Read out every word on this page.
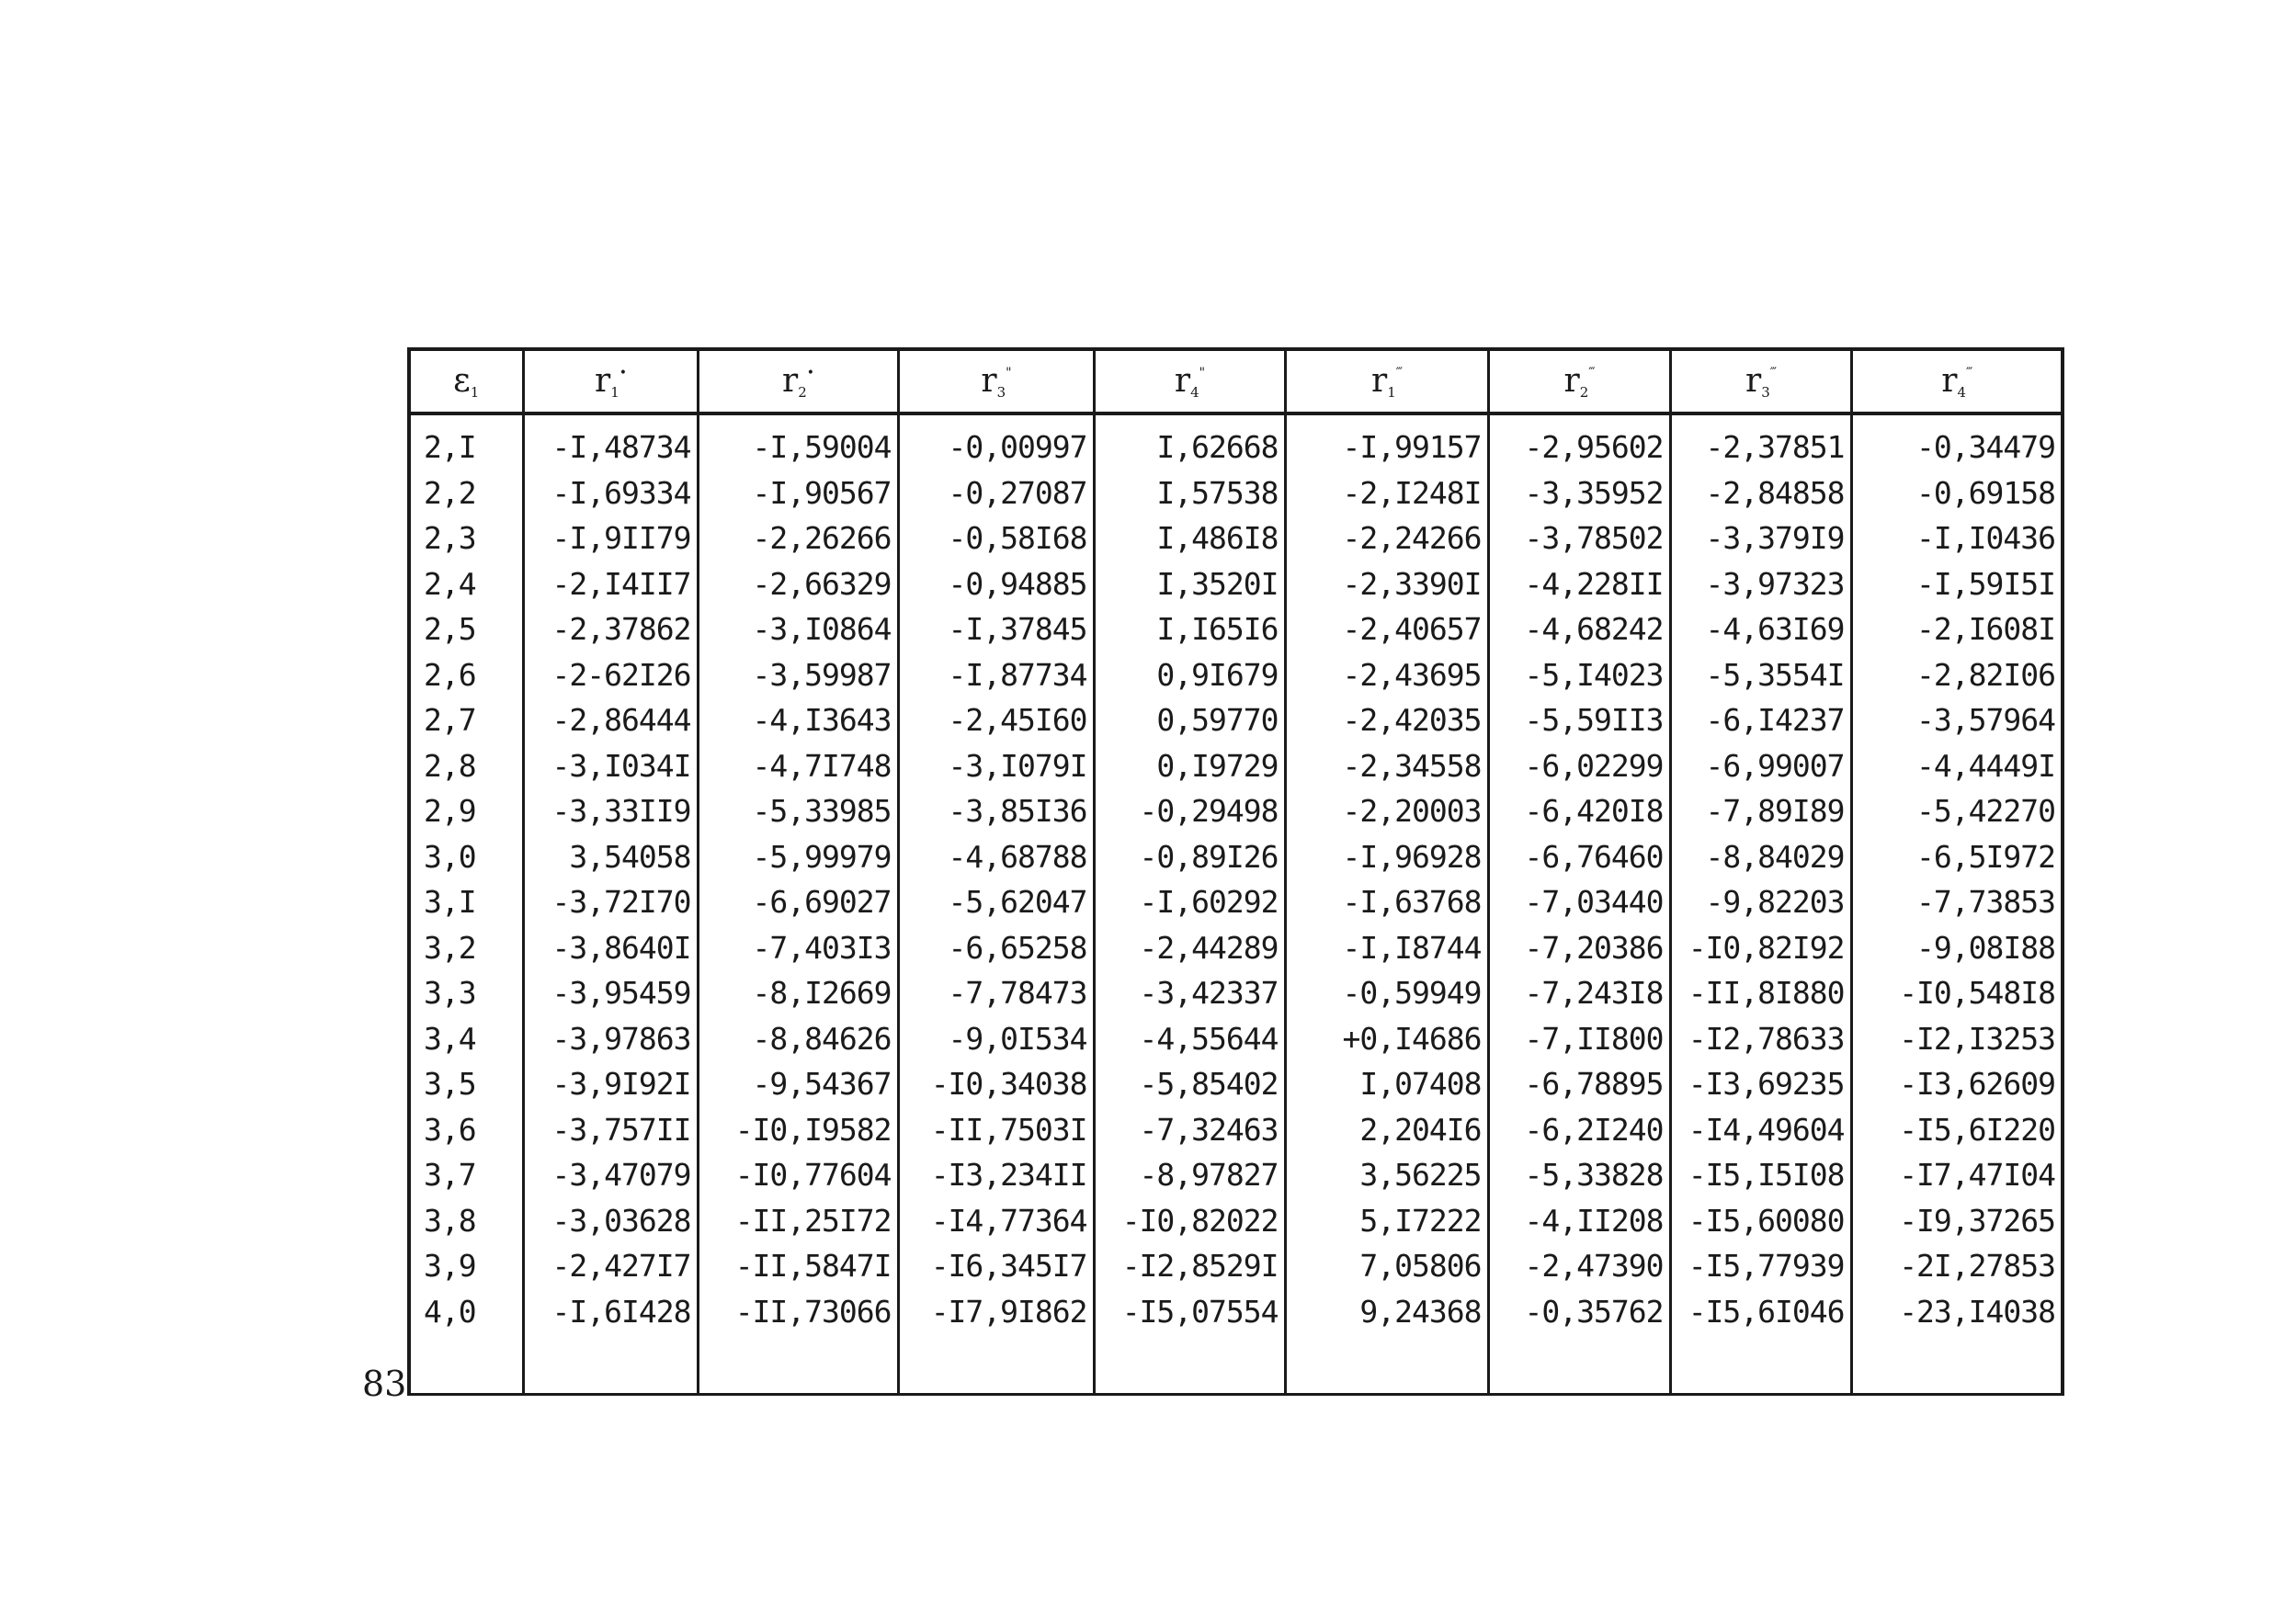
$\varepsilon_1$	$r_1^•$	$r_2^•$	$r_3^"$	$r_4^"$	$r_1^‴$	$r_2^‴$	$r_3^‴$	$r_4^‴$
2,I	-I,48734	-I,59004	-0,00997	I,62668	-I,99157	-2,95602	-2,37851	-0,34479
2,2	-I,69334	-I,90567	-0,27087	I,57538	-2,I248I	-3,35952	-2,84858	-0,69158
2,3	-I,9II79	-2,26266	-0,58I68	I,486I8	-2,24266	-3,78502	-3,379I9	-I,I0436
2,4	-2,I4II7	-2,66329	-0,94885	I,3520I	-2,3390I	-4,228II	-3,97323	-I,59I5I
2,5	-2,37862	-3,I0864	-I,37845	I,I65I6	-2,40657	-4,68242	-4,63I69	-2,I608I
2,6	-2-62I26	-3,59987	-I,87734	0,9I679	-2,43695	-5,I4023	-5,3554I	-2,82I06
2,7	-2,86444	-4,I3643	-2,45I60	0,59770	-2,42035	-5,59II3	-6,I4237	-3,57964
2,8	-3,I034I	-4,7I748	-3,I079I	0,I9729	-2,34558	-6,02299	-6,99007	-4,4449I
2,9	-3,33II9	-5,33985	-3,85I36	-0,29498	-2,20003	-6,420I8	-7,89I89	-5,42270
3,0	3,54058	-5,99979	-4,68788	-0,89I26	-I,96928	-6,76460	-8,84029	-6,5I972
3,I	-3,72I70	-6,69027	-5,62047	-I,60292	-I,63768	-7,03440	-9,82203	-7,73853
3,2	-3,8640I	-7,403I3	-6,65258	-2,44289	-I,I8744	-7,20386	-I0,82I92	-9,08I88
3,3	-3,95459	-8,I2669	-7,78473	-3,42337	-0,59949	-7,243I8	-II,8I880	-I0,548I8
3,4	-3,97863	-8,84626	-9,0I534	-4,55644	+0,I4686	-7,II800	-I2,78633	-I2,I3253
3,5	-3,9I92I	-9,54367	-I0,34038	-5,85402	I,07408	-6,78895	-I3,69235	-I3,62609
3,6	-3,757II	-I0,I9582	-II,7503I	-7,32463	2,204I6	-6,2I240	-I4,49604	-I5,6I220
3,7	-3,47079	-I0,77604	-I3,234II	-8,97827	3,56225	-5,33828	-I5,I5I08	-I7,47I04
3,8	-3,03628	-II,25I72	-I4,77364	-I0,82022	5,I7222	-4,II208	-I5,60080	-I9,37265
3,9	-2,427I7	-II,5847I	-I6,345I7	-I2,8529I	7,05806	-2,47390	-I5,77939	-2I,27853
4,0	-I,6I428	-II,73066	-I7,9I862	-I5,07554	9,24368	-0,35762	-I5,6I046	-23,I4038

83
